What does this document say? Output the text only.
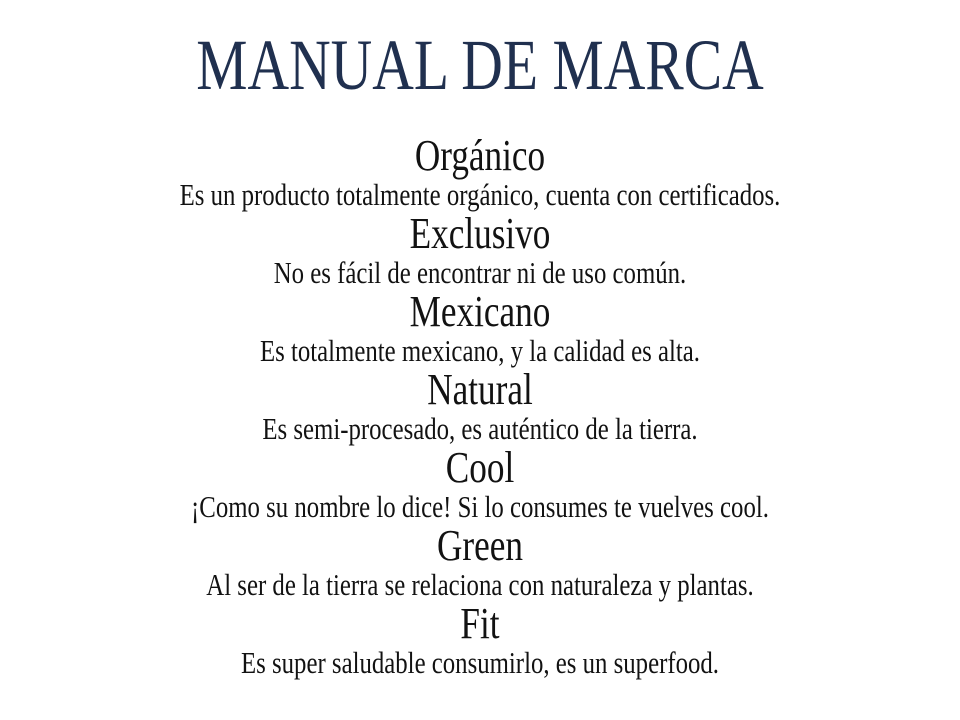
MANUAL DE MARCA
Orgánico
Es un producto totalmente orgánico, cuenta con certificados.
Exclusivo
No es fácil de encontrar ni de uso común.
Mexicano
Es totalmente mexicano, y la calidad es alta.
Natural
Es semi-procesado, es auténtico de la tierra.
Cool
¡Como su nombre lo dice! Si lo consumes te vuelves cool.
Green
Al ser de la tierra se relaciona con naturaleza y plantas.
Fit
Es super saludable consumirlo, es un superfood.
